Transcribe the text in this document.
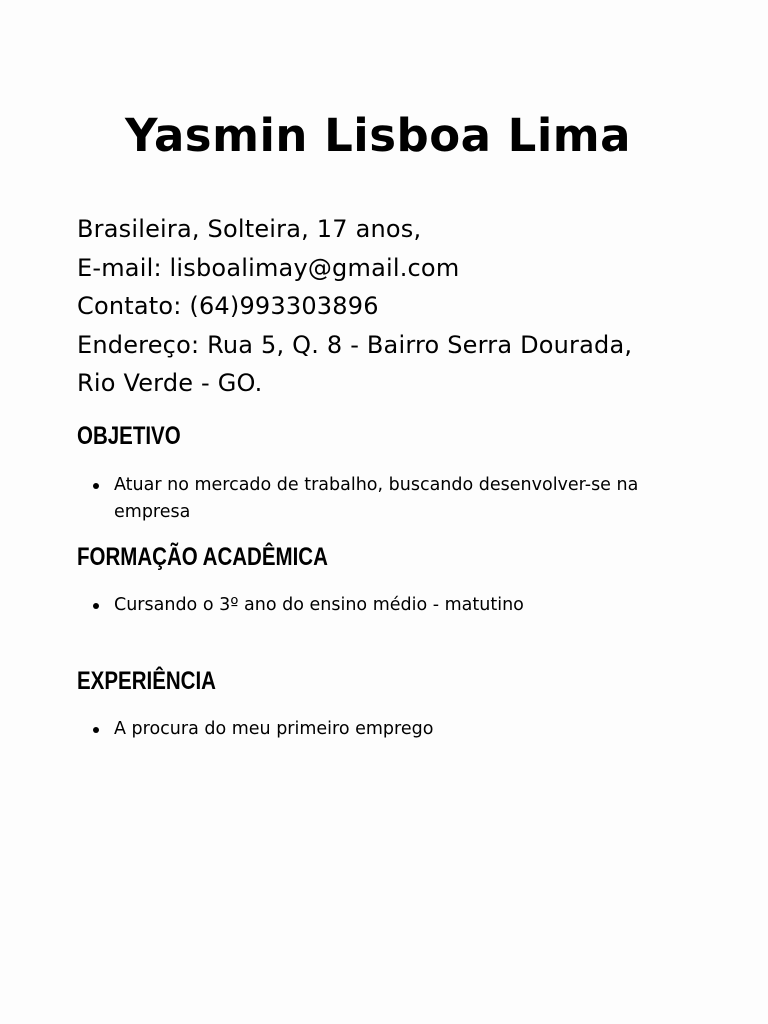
Yasmin Lisboa Lima
Brasileira, Solteira, 17 anos,
E-mail: lisboalimay@gmail.com
Contato: (64)993303896
Endereço: Rua 5, Q. 8 - Bairro Serra Dourada,
Rio Verde - GO.
OBJETIVO
Atuar no mercado de trabalho, buscando desenvolver-se na empresa
FORMAÇÃO ACADÊMICA
Cursando o 3º ano do ensino médio - matutino
EXPERIÊNCIA
A procura do meu primeiro emprego
